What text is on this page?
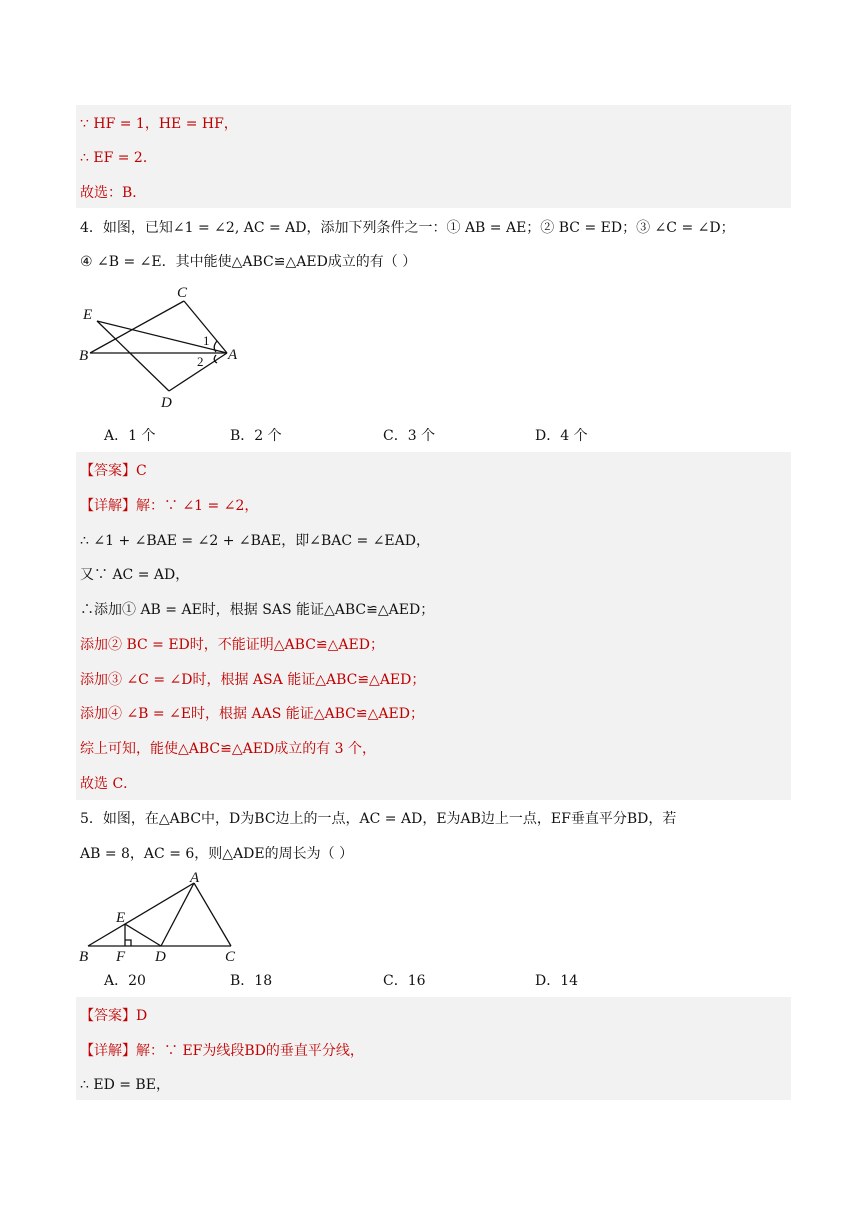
∵ HF = 1，HE = HF，
∴ EF = 2．
故选：B．
4．如图，已知∠1 = ∠2, AC = AD，添加下列条件之一：① AB = AE；② BC = ED；③ ∠C = ∠D；
④ ∠B = ∠E．其中能使△ABC≌△AED成立的有（ ）
C
E
B	A
D
1
2
A．1 个	B．2 个	C．3 个	D．4 个
【答案】C
【详解】解：∵ ∠1 = ∠2，
∴ ∠1 + ∠BAE = ∠2 + ∠BAE，即∠BAC = ∠EAD，
又∵ AC = AD，
∴添加① AB = AE时，根据 SAS 能证△ABC≌△AED；
添加② BC = ED时，不能证明△ABC≌△AED；
添加③ ∠C = ∠D时，根据 ASA 能证△ABC≌△AED；
添加④ ∠B = ∠E时，根据 AAS 能证△ABC≌△AED；
综上可知，能使△ABC≌△AED成立的有 3 个，
故选 C．
5．如图，在△ABC中，D为BC边上的一点，AC = AD，E为AB边上一点，EF垂直平分BD，若
AB = 8，AC = 6，则△ADE的周长为（ ）
A
E
B F D	C
A．20	B．18	C．16	D．14
【答案】D
【详解】解：∵ EF为线段BD的垂直平分线，
∴ ED = BE，
